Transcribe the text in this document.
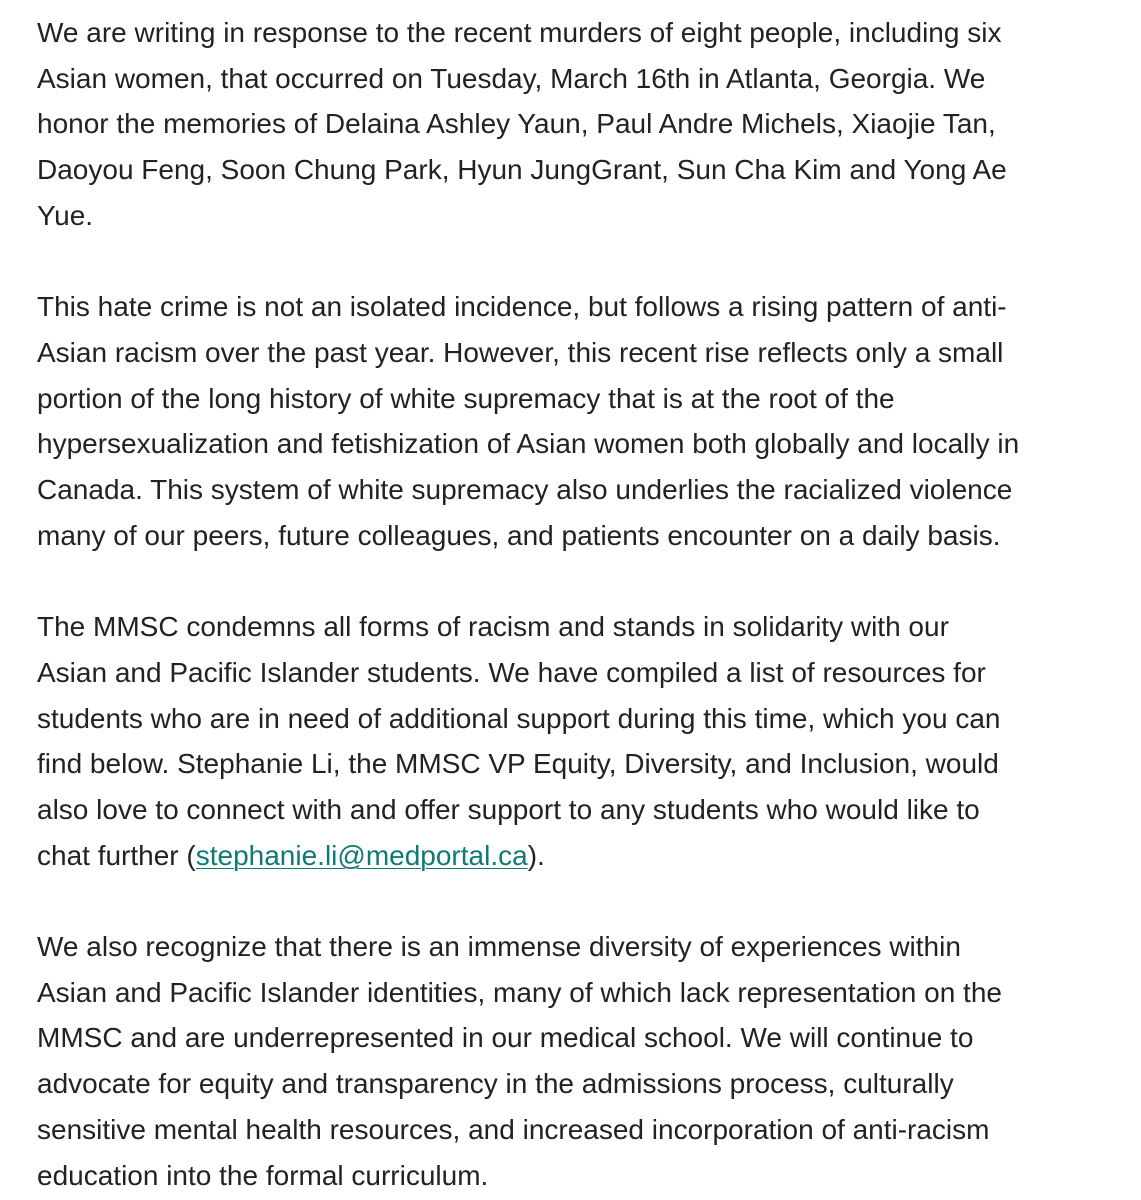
We are writing in response to the recent murders of eight people, including six
Asian women, that occurred on Tuesday, March 16th in Atlanta, Georgia. We
honor the memories of Delaina Ashley Yaun, Paul Andre Michels, Xiaojie Tan,
Daoyou Feng, Soon Chung Park, Hyun JungGrant, Sun Cha Kim and Yong Ae
Yue.

This hate crime is not an isolated incidence, but follows a rising pattern of anti-
Asian racism over the past year. However, this recent rise reflects only a small
portion of the long history of white supremacy that is at the root of the
hypersexualization and fetishization of Asian women both globally and locally in
Canada. This system of white supremacy also underlies the racialized violence
many of our peers, future colleagues, and patients encounter on a daily basis.

The MMSC condemns all forms of racism and stands in solidarity with our
Asian and Pacific Islander students. We have compiled a list of resources for
students who are in need of additional support during this time, which you can
find below. Stephanie Li, the MMSC VP Equity, Diversity, and Inclusion, would
also love to connect with and offer support to any students who would like to
chat further (stephanie.li@medportal.ca).

We also recognize that there is an immense diversity of experiences within
Asian and Pacific Islander identities, many of which lack representation on the
MMSC and are underrepresented in our medical school. We will continue to
advocate for equity and transparency in the admissions process, culturally
sensitive mental health resources, and increased incorporation of anti-racism
education into the formal curriculum.
